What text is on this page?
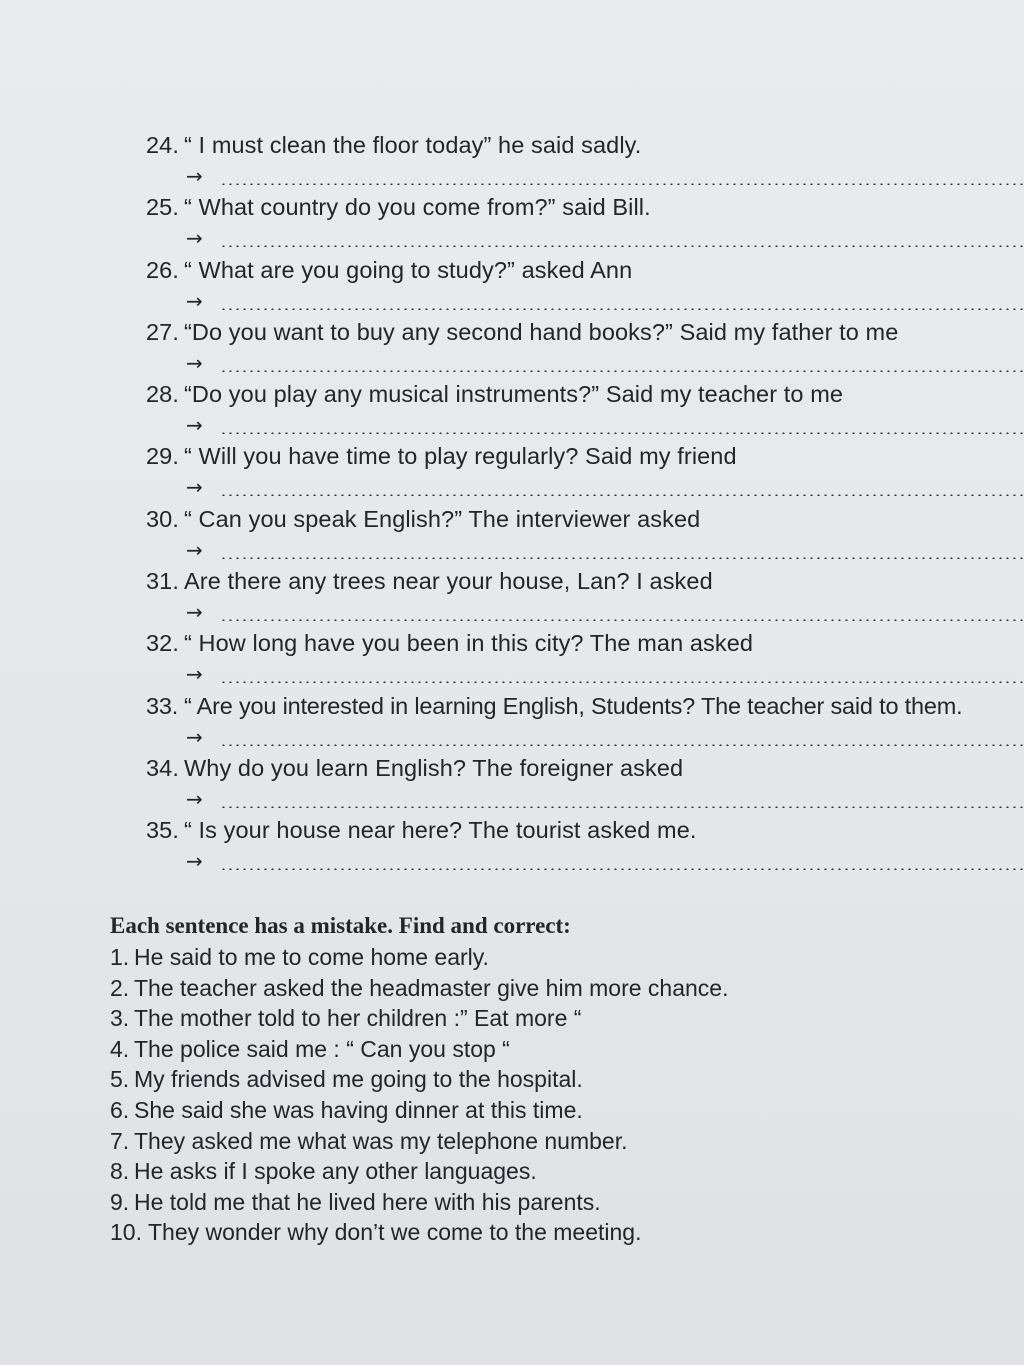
24. “ I must clean the floor today” he said sadly.
→
25. “ What country do you come from?” said Bill.
→
26. “ What are you going to study?” asked Ann
→
27. “Do you want to buy any second hand books?” Said my father to me
→
28. “Do you play any musical instruments?” Said my teacher to me
→
29. “ Will you have time to play regularly? Said my friend
→
30. “ Can you speak English?” The interviewer asked
→
31. Are there any trees near your house, Lan? I asked
→
32. “ How long have you been in this city? The man asked
→
33. “ Are you interested in learning English, Students? The teacher said to them.
→
34. Why do you learn English? The foreigner asked
→
35. “ Is your house near here? The tourist asked me.
→
Each sentence has a mistake. Find and correct:
1. He said to me to come home early.
2. The teacher asked the headmaster give him more chance.
3. The mother told to her children :” Eat more “
4. The police said me : “ Can you stop “
5. My friends advised me going to the hospital.
6. She said she was having dinner at this time.
7. They asked me what was my telephone number.
8. He asks if I spoke any other languages.
9. He told me that he lived here with his parents.
10. They wonder why don’t we come to the meeting.
